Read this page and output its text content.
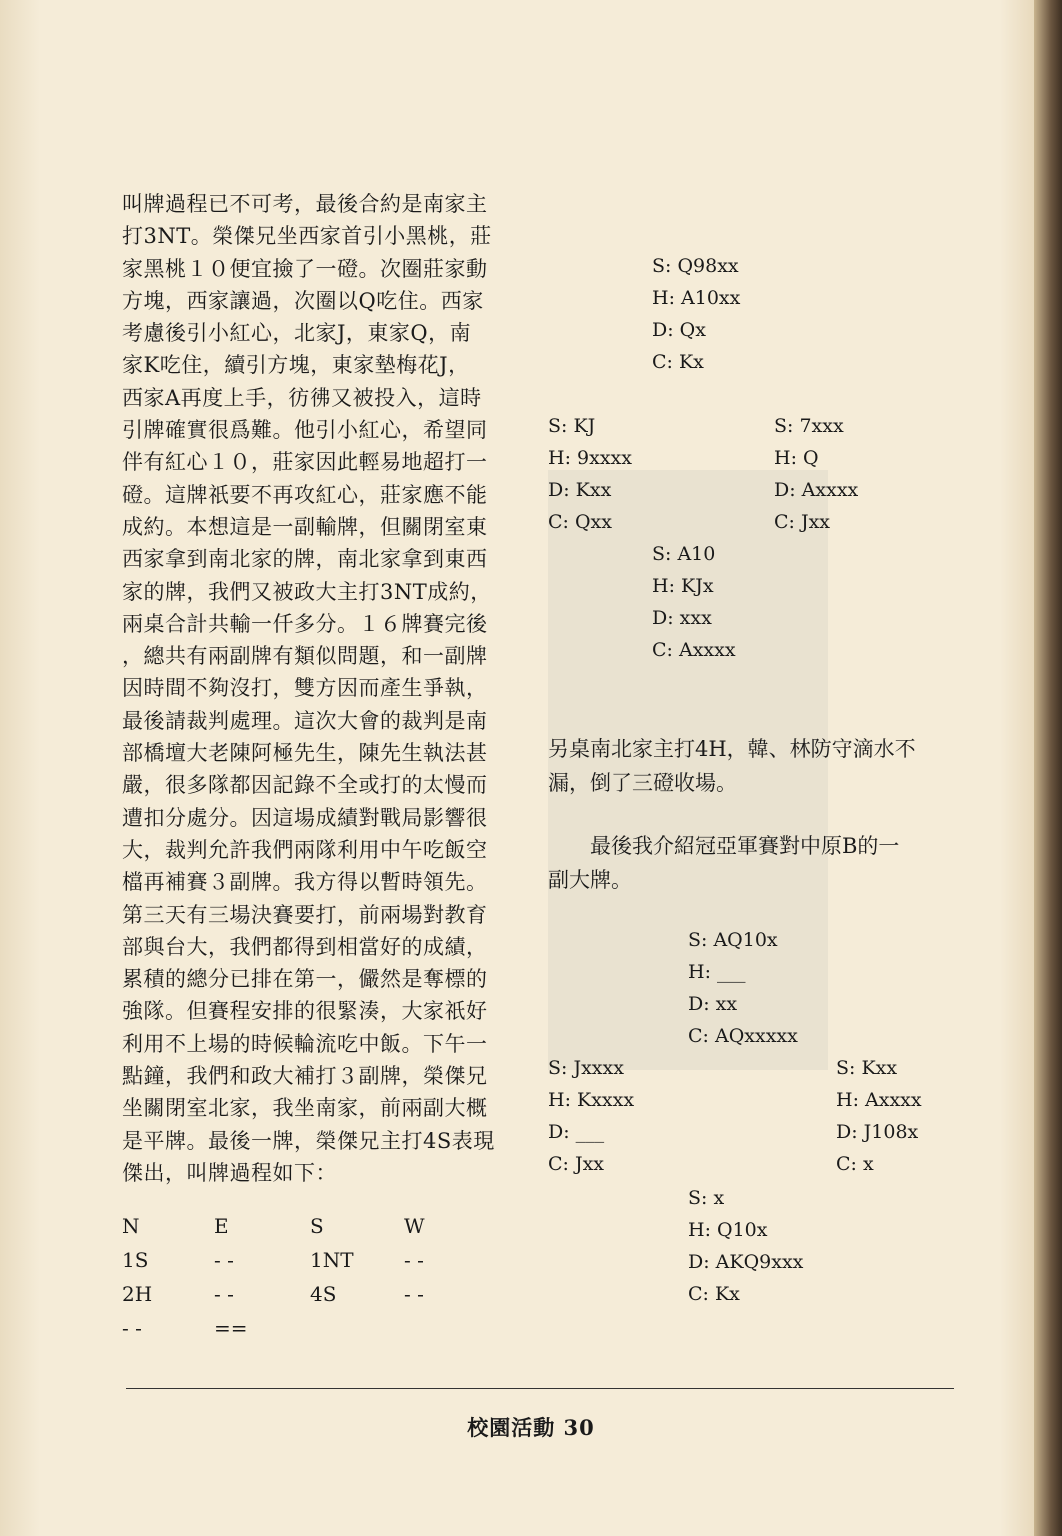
叫牌過程已不可考，最後合約是南家主
打3NT。榮傑兄坐西家首引小黑桃，莊
家黑桃１０便宜撿了一磴。次圈莊家動
方塊，西家讓過，次圈以Q吃住。西家
考慮後引小紅心，北家J，東家Q，南
家K吃住，續引方塊，東家墊梅花J，
西家A再度上手，彷彿又被投入，這時
引牌確實很爲難。他引小紅心，希望同
伴有紅心１０，莊家因此輕易地超打一
磴。這牌祇要不再攻紅心，莊家應不能
成約。本想這是一副輸牌，但關閉室東
西家拿到南北家的牌，南北家拿到東西
家的牌，我們又被政大主打3NT成約，
兩桌合計共輸一仟多分。１６牌賽完後
，總共有兩副牌有類似問題，和一副牌
因時間不夠沒打，雙方因而產生爭執，
最後請裁判處理。這次大會的裁判是南
部橋壇大老陳阿極先生，陳先生執法甚
嚴，很多隊都因記錄不全或打的太慢而
遭扣分處分。因這場成績對戰局影響很
大，裁判允許我們兩隊利用中午吃飯空
檔再補賽３副牌。我方得以暫時領先。
第三天有三場決賽要打，前兩場對教育
部與台大，我們都得到相當好的成績，
累積的總分已排在第一，儼然是奪標的
強隊。但賽程安排的很緊湊，大家祇好
利用不上場的時候輪流吃中飯。下午一
點鐘，我們和政大補打３副牌，榮傑兄
坐關閉室北家，我坐南家，前兩副大概
是平牌。最後一牌，榮傑兄主打4S表現
傑出，叫牌過程如下：
N	E	S	W
1S	- -	1NT	- -
2H	- -	4S	- -
- -	==
S: Q98xx
H: A10xx
D: Qx
C: Kx
S: KJ
H: 9xxxx
D: Kxx
C: Qxx
S: 7xxx
H: Q
D: Axxxx
C: Jxx
S: A10
H: KJx
D: xxx
C: Axxxx
另桌南北家主打4H，韓、林防守滴水不
漏，倒了三磴收場。
　　最後我介紹冠亞軍賽對中原B的一
副大牌。
S: AQ10x
H: ___
D: xx
C: AQxxxxx
S: Jxxxx
H: Kxxxx
D: ___
C: Jxx
S: Kxx
H: Axxxx
D: J108x
C: x
S: x
H: Q10x
D: AKQ9xxx
C: Kx
校園活動 30
